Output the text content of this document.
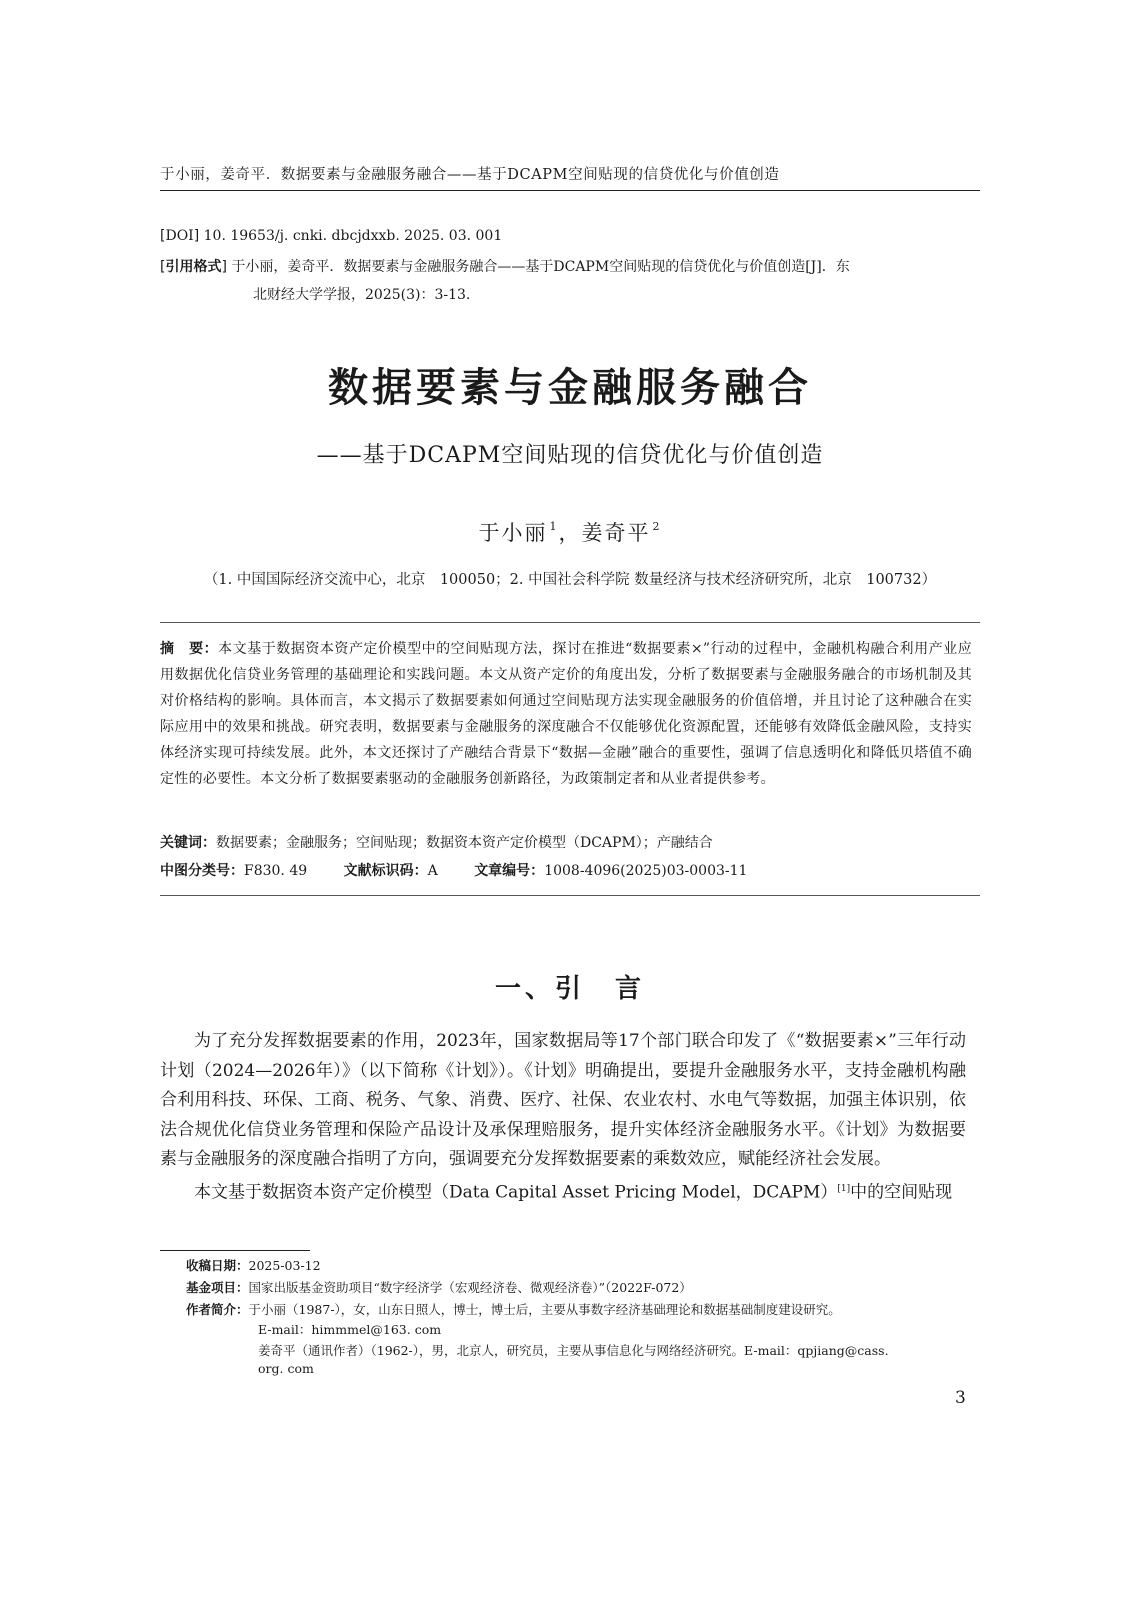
于小丽，姜奇平．数据要素与金融服务融合——基于DCAPM空间贴现的信贷优化与价值创造
[DOI] 10. 19653/j. cnki. dbcjdxxb. 2025. 03. 001
[引用格式] 于小丽，姜奇平．数据要素与金融服务融合——基于DCAPM空间贴现的信贷优化与价值创造[J]．东
北财经大学学报，2025(3)：3-13.
数据要素与金融服务融合
——基于DCAPM空间贴现的信贷优化与价值创造
于小丽 $^1$，姜奇平 $^2$
（1. 中国国际经济交流中心，北京　100050；2. 中国社会科学院 数量经济与技术经济研究所，北京　100732）
摘　要：本文基于数据资本资产定价模型中的空间贴现方法，探讨在推进“数据要素×”行动的过程中，金融机构融合利用产业应用数据优化信贷业务管理的基础理论和实践问题。本文从资产定价的角度出发，分析了数据要素与金融服务融合的市场机制及其对价格结构的影响。具体而言，本文揭示了数据要素如何通过空间贴现方法实现金融服务的价值倍增，并且讨论了这种融合在实际应用中的效果和挑战。研究表明，数据要素与金融服务的深度融合不仅能够优化资源配置，还能够有效降低金融风险，支持实体经济实现可持续发展。此外，本文还探讨了产融结合背景下“数据—金融”融合的重要性，强调了信息透明化和降低贝塔值不确定性的必要性。本文分析了数据要素驱动的金融服务创新路径，为政策制定者和从业者提供参考。
关键词：数据要素；金融服务；空间贴现；数据资本资产定价模型（DCAPM）；产融结合
中图分类号：F830. 49	文献标识码：A	文章编号：1008-4096(2025)03-0003-11
一、引　言

为了充分发挥数据要素的作用，2023年，国家数据局等17个部门联合印发了《“数据要素×”三年行动计划（2024—2026年）》（以下简称《计划》）。《计划》明确提出，要提升金融服务水平，支持金融机构融合利用科技、环保、工商、税务、气象、消费、医疗、社保、农业农村、水电气等数据，加强主体识别，依法合规优化信贷业务管理和保险产品设计及承保理赔服务，提升实体经济金融服务水平。《计划》为数据要素与金融服务的深度融合指明了方向，强调要充分发挥数据要素的乘数效应，赋能经济社会发展。

本文基于数据资本资产定价模型（Data Capital Asset Pricing Model，DCAPM）[1]中的空间贴现

收稿日期：2025-03-12
基金项目：国家出版基金资助项目“数字经济学（宏观经济卷、微观经济卷）”（2022F-072）
作者简介：于小丽（1987-），女，山东日照人，博士，博士后，主要从事数字经济基础理论和数据基础制度建设研究。
E-mail：himmmel@163. com
姜奇平（通讯作者）（1962-），男，北京人，研究员，主要从事信息化与网络经济研究。E-mail：qpjiang@cass.
org. com
3
